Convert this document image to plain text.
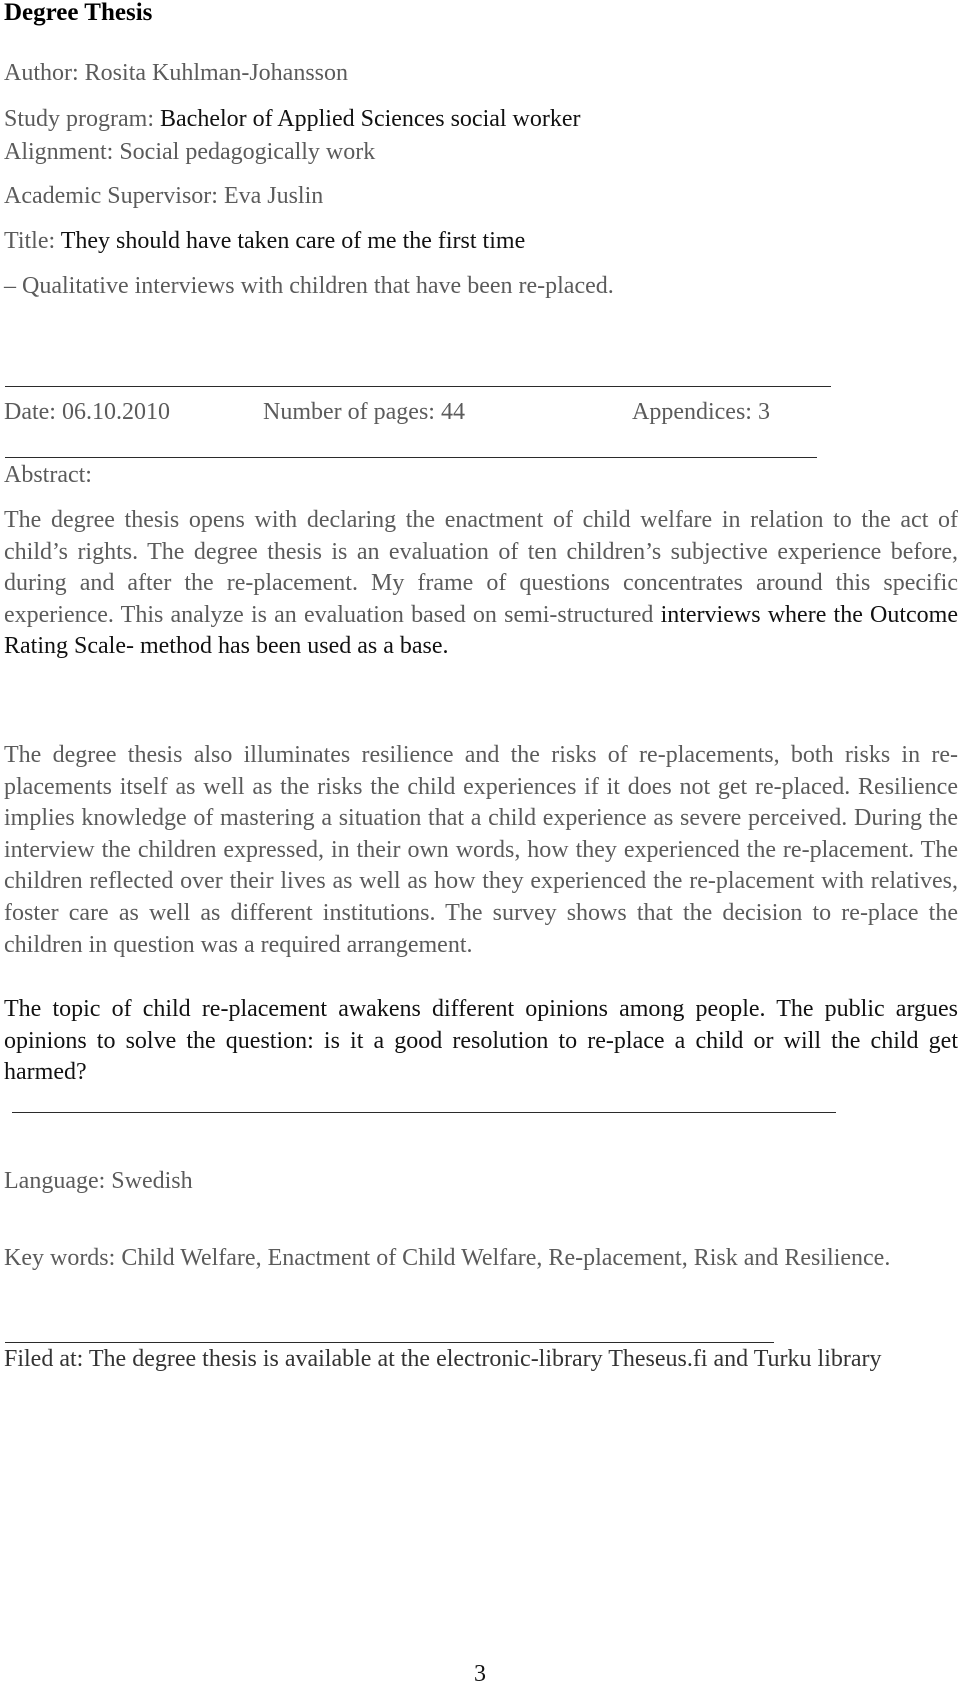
Degree Thesis
Author: Rosita Kuhlman-Johansson
Study program: Bachelor of Applied Sciences social worker
Alignment: Social pedagogically work
Academic Supervisor: Eva Juslin
Title: They should have taken care of me the first time
– Qualitative interviews with children that have been re-placed.
Date: 06.10.2010	Number of pages: 44	Appendices: 3
Abstract:
The degree thesis opens with declaring the enactment of child welfare in relation to the act of child’s rights. The degree thesis is an evaluation of ten children’s subjective experience before, during and after the re-placement. My frame of questions concentrates around this specific experience. This analyze is an evaluation based on semi-structured interviews where the Outcome Rating Scale- method has been used as a base.
The degree thesis also illuminates resilience and the risks of re-placements, both risks in re-placements itself as well as the risks the child experiences if it does not get re-placed. Resilience implies knowledge of mastering a situation that a child experience as severe perceived. During the interview the children expressed, in their own words, how they experienced the re-placement. The children reflected over their lives as well as how they experienced the re-placement with relatives, foster care as well as different institutions. The survey shows that the decision to re-place the children in question was a required arrangement.
The topic of child re-placement awakens different opinions among people. The public argues opinions to solve the question: is it a good resolution to re-place a child or will the child get harmed?
Language: Swedish
Key words: Child Welfare, Enactment of Child Welfare, Re-placement, Risk and Resilience.
Filed at: The degree thesis is available at the electronic-library Theseus.fi and Turku library
3
